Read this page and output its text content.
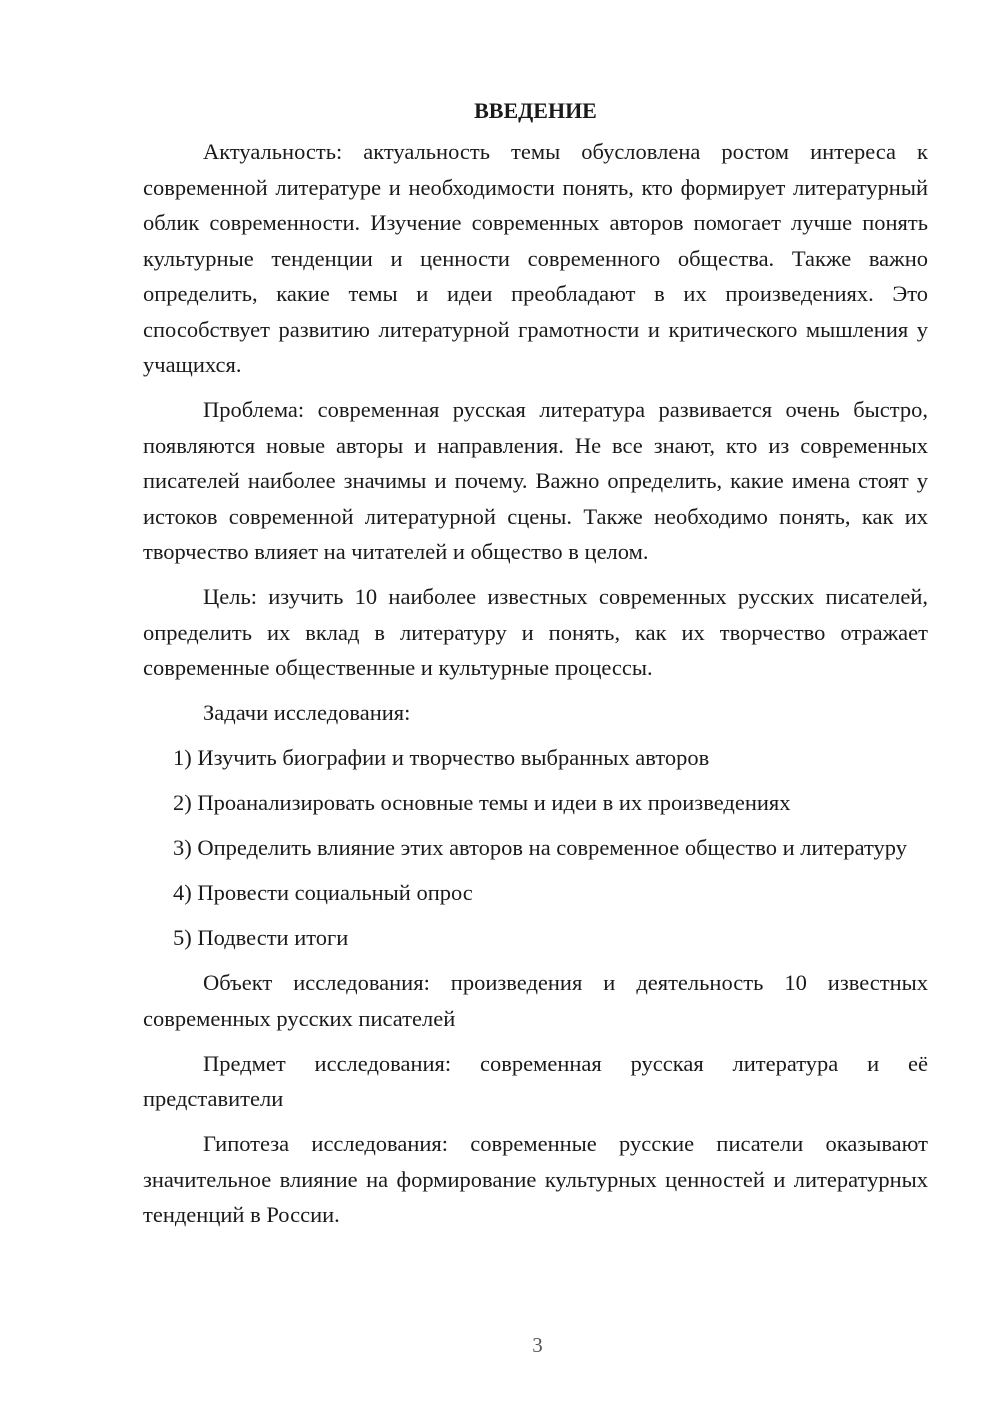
ВВЕДЕНИЕ

Актуальность: актуальность темы обусловлена ростом интереса к современной литературе и необходимости понять, кто формирует литературный облик современности. Изучение современных авторов помогает лучше понять культурные тенденции и ценности современного общества. Также важно определить, какие темы и идеи преобладают в их произведениях. Это способствует развитию литературной грамотности и критического мышления у учащихся.

Проблема: современная русская литература развивается очень быстро, появляются новые авторы и направления. Не все знают, кто из современных писателей наиболее значимы и почему. Важно определить, какие имена стоят у истоков современной литературной сцены. Также необходимо понять, как их творчество влияет на читателей и общество в целом.

Цель: изучить 10 наиболее известных современных русских писателей, определить их вклад в литературу и понять, как их творчество отражает современные общественные и культурные процессы.

Задачи исследования:

1) Изучить биографии и творчество выбранных авторов

2) Проанализировать основные темы и идеи в их произведениях

3) Определить влияние этих авторов на современное общество и литературу

4) Провести социальный опрос

5) Подвести итоги

Объект исследования: произведения и деятельность 10 известных современных русских писателей

Предмет исследования: современная русская литература и её представители

Гипотеза исследования: современные русские писатели оказывают значительное влияние на формирование культурных ценностей и литературных тенденций в России.

3
